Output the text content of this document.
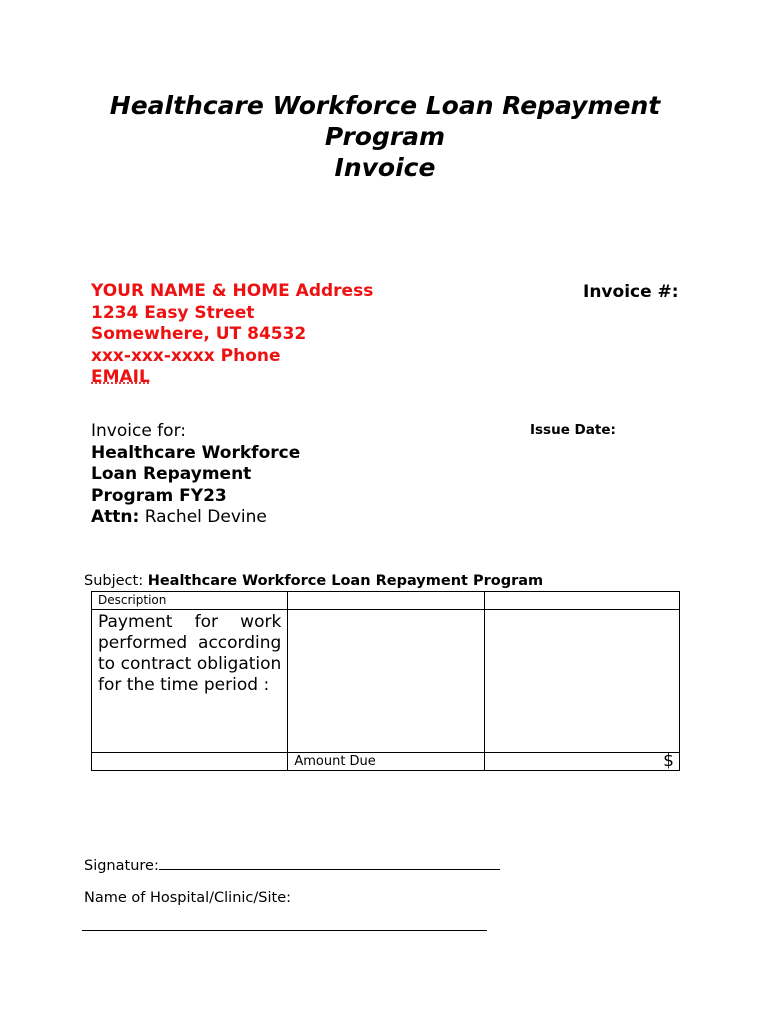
Healthcare Workforce Loan Repayment
Program
Invoice
YOUR NAME & HOME Address
1234 Easy Street
Somewhere, UT 84532
xxx-xxx-xxxx Phone
EMAIL
Invoice #:
Issue Date:
Invoice for:
Healthcare Workforce
Loan Repayment
Program FY23
Attn: Rachel Devine
Subject: Healthcare Workforce Loan Repayment Program
Description		

Payment for work performed according to contract obligation for the time period :		

	Amount Due	$
Signature:
Name of Hospital/Clinic/Site:
